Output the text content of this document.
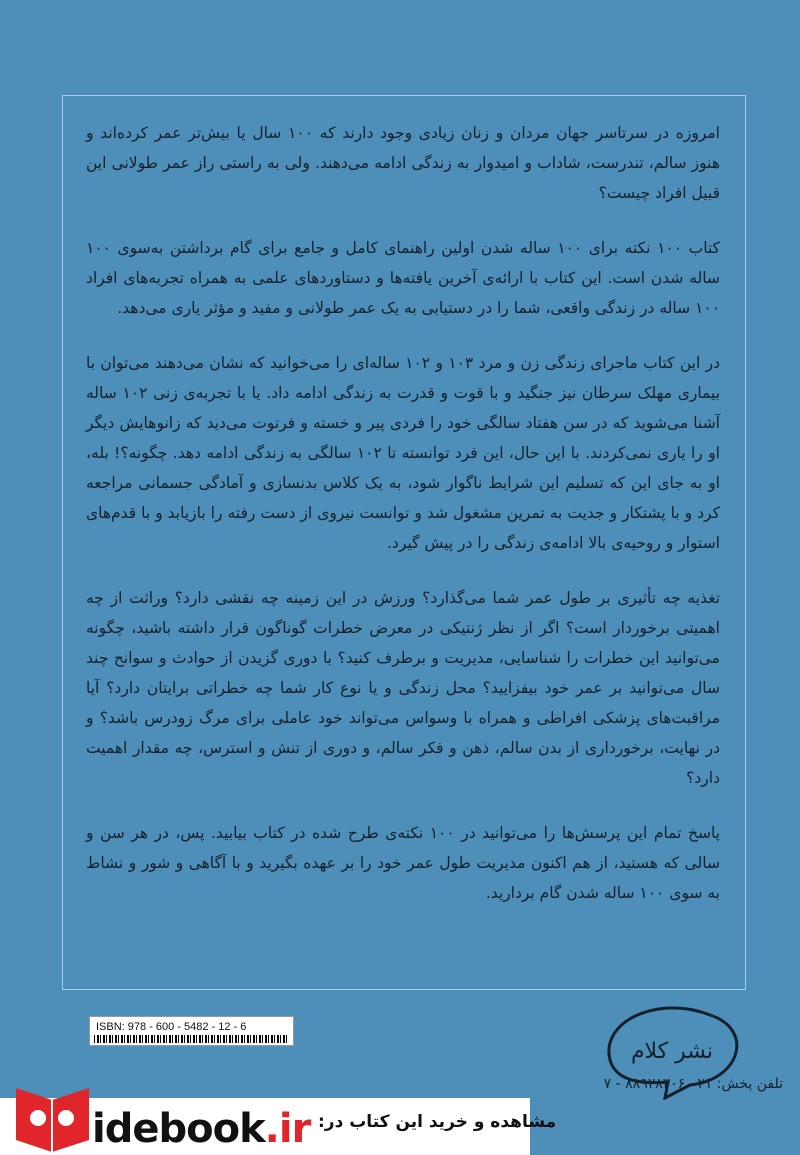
امروزه در سرتاسر جهان مردان و زنان زیادی وجود دارند که ۱۰۰ سال یا بیش‌تر عمر کرده‌اند و هنوز سالم، تندرست، شاداب و امیدوار به زندگی ادامه می‌دهند. ولی به راستی راز عمر طولانی این قبیل افراد چیست؟

کتاب ۱۰۰ نکته برای ۱۰۰ ساله شدن اولین راهنمای کامل و جامع برای گام برداشتن به‌سوی ۱۰۰ ساله شدن است. این کتاب با ارائه‌ی آخرین یافته‌ها و دستاوردهای علمی به همراه تجربه‌های افراد ۱۰۰ ساله در زندگی واقعی، شما را در دستیابی به یک عمر طولانی و مفید و مؤثر یاری می‌دهد.

در این کتاب ماجرای زندگی زن و مرد ۱۰۳ و ۱۰۲ ساله‌ای را می‌خوانید که نشان می‌دهند می‌توان با بیماری مهلک سرطان نیز جنگید و با قوت و قدرت به زندگی ادامه داد. یا با تجربه‌ی زنی ۱۰۲ ساله آشنا می‌شوید که در سن هفتاد سالگی خود را فردی پیر و خسته و فرتوت می‌دید که زانوهایش دیگر او را یاری نمی‌کردند. با این حال، این فرد توانسته تا ۱۰۲ سالگی به زندگی ادامه دهد. چگونه؟! بله، او به جای این که تسلیم این شرایط ناگوار شود، به یک کلاس بدنسازی و آمادگی جسمانی مراجعه کرد و با پشتکار و جدیت به تمرین مشغول شد و توانست نیروی از دست رفته را بازیابد و با قدم‌های استوار و روحیه‌ی بالا ادامه‌ی زندگی را در پیش گیرد.

تغذیه چه تأثیری بر طول عمر شما می‌گذارد؟ ورزش در این زمینه چه نقشی دارد؟ وراثت از چه اهمیتی برخوردار است؟ اگر از نظر ژنتیکی در معرض خطرات گوناگون قرار داشته باشید، چگونه می‌توانید این خطرات را شناسایی، مدیریت و برطرف کنید؟ با دوری گزیدن از حوادث و سوانح چند سال می‌توانید بر عمر خود بیفزایید؟ محل زندگی و یا نوع کار شما چه خطراتی برایتان دارد؟ آیا مراقبت‌های پزشکی افراطی و همراه با وسواس می‌تواند خود عاملی برای مرگ زودرس باشد؟ و در نهایت، برخورداری از بدن سالم، ذهن و فکر سالم، و دوری از تنش و استرس، چه مقدار اهمیت دارد؟

پاسخ تمام این پرسش‌ها را می‌توانید در ۱۰۰ نکته‌ی طرح شده در کتاب بیابید. پس، در هر سن و سالی که هستید، از هم اکنون مدیریت طول عمر خود را بر عهده بگیرید و با آگاهی و شور و نشاط به سوی ۱۰۰ ساله شدن گام بردارید.

ISBN: 978 - 600 - 5482 - 12 - 6
نشر کلام
تلفن پخش: ۰۲۱ ۸۸۹۲۸۳۰۶ - ۷
idebook.ir مشاهده و خرید این کتاب در:
